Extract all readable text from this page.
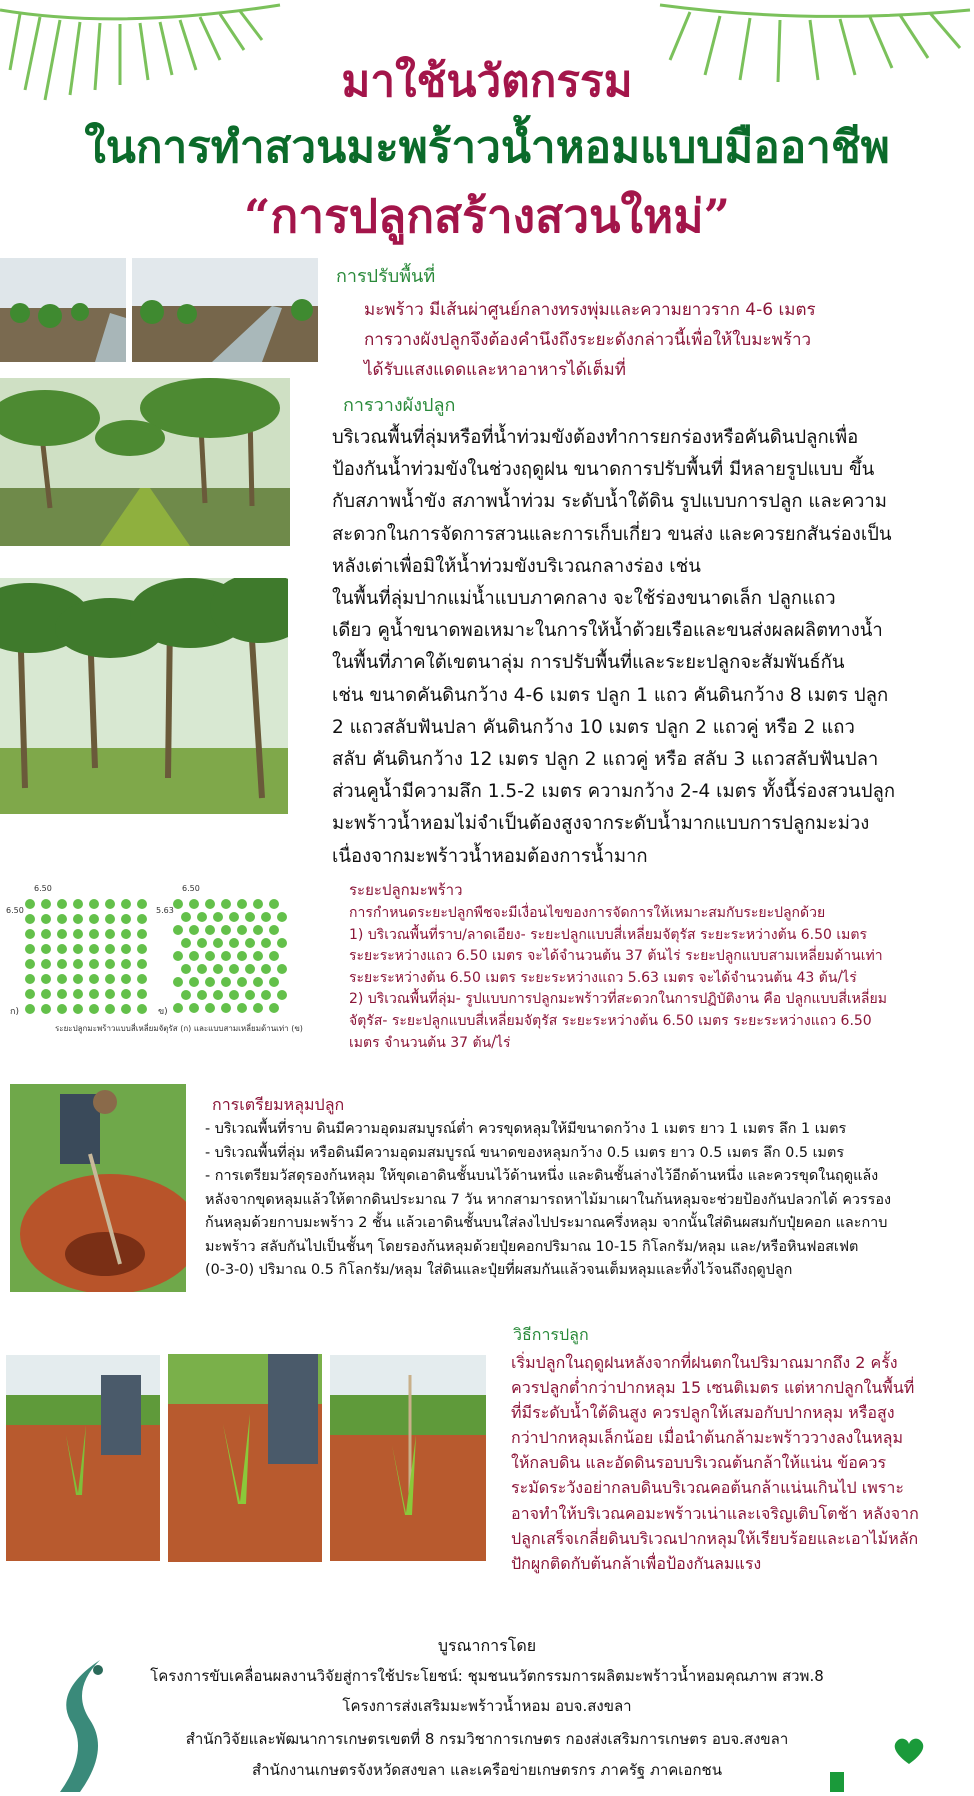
มาใช้นวัตกรรม
ในการทำสวนมะพร้าวน้ำหอมแบบมืออาชีพ
“การปลูกสร้างสวนใหม่”
การปรับพื้นที่
มะพร้าว มีเส้นผ่าศูนย์กลางทรงพุ่มและความยาวราก 4-6 เมตร
การวางผังปลูกจึงต้องคำนึงถึงระยะดังกล่าวนี้เพื่อให้ใบมะพร้าว
ได้รับแสงแดดและหาอาหารได้เต็มที่
การวางผังปลูก
บริเวณพื้นที่ลุ่มหรือที่น้ำท่วมขังต้องทำการยกร่องหรือคันดินปลูกเพื่อ
ป้องกันน้ำท่วมขังในช่วงฤดูฝน ขนาดการปรับพื้นที่ มีหลายรูปแบบ ขึ้น
กับสภาพน้ำขัง สภาพน้ำท่วม ระดับน้ำใต้ดิน รูปแบบการปลูก และความ
สะดวกในการจัดการสวนและการเก็บเกี่ยว ขนส่ง และควรยกสันร่องเป็น
หลังเต่าเพื่อมิให้น้ำท่วมขังบริเวณกลางร่อง เช่น
ในพื้นที่ลุ่มปากแม่น้ำแบบภาคกลาง จะใช้ร่องขนาดเล็ก ปลูกแถว
เดียว คูน้ำขนาดพอเหมาะในการให้น้ำด้วยเรือและขนส่งผลผลิตทางน้ำ
ในพื้นที่ภาคใต้เขตนาลุ่ม การปรับพื้นที่และระยะปลูกจะสัมพันธ์กัน
เช่น ขนาดคันดินกว้าง 4-6 เมตร ปลูก 1 แถว คันดินกว้าง 8 เมตร ปลูก
2 แถวสลับฟันปลา คันดินกว้าง 10 เมตร ปลูก 2 แถวคู่ หรือ 2 แถว
สลับ คันดินกว้าง 12 เมตร ปลูก 2 แถวคู่ หรือ สลับ 3 แถวสลับฟันปลา
ส่วนคูน้ำมีความลึก 1.5-2 เมตร ความกว้าง 2-4 เมตร ทั้งนี้ร่องสวนปลูก
มะพร้าวน้ำหอมไม่จำเป็นต้องสูงจากระดับน้ำมากแบบการปลูกมะม่วง
เนื่องจากมะพร้าวน้ำหอมต้องการน้ำมาก
6.50	6.50
6.50	5.63
ก)	ข)
ระยะปลูกมะพร้าวแบบสี่เหลี่ยมจัตุรัส (ก) และแบบสามเหลี่ยมด้านเท่า (ข)
ระยะปลูกมะพร้าว
การกำหนดระยะปลูกพืชจะมีเงื่อนไขของการจัดการให้เหมาะสมกับระยะปลูกด้วย
1) บริเวณพื้นที่ราบ/ลาดเอียง- ระยะปลูกแบบสี่เหลี่ยมจัตุรัส ระยะระหว่างต้น 6.50 เมตร
ระยะระหว่างแถว 6.50 เมตร จะได้จำนวนต้น 37 ต้นไร่ ระยะปลูกแบบสามเหลี่ยมด้านเท่า
ระยะระหว่างต้น 6.50 เมตร ระยะระหว่างแถว 5.63 เมตร จะได้จำนวนต้น 43 ต้น/ไร่
2) บริเวณพื้นที่ลุ่ม- รูปแบบการปลูกมะพร้าวที่สะดวกในการปฏิบัติงาน คือ ปลูกแบบสี่เหลี่ยม
จัตุรัส- ระยะปลูกแบบสี่เหลี่ยมจัตุรัส ระยะระหว่างต้น 6.50 เมตร ระยะระหว่างแถว 6.50
เมตร จำนวนต้น 37 ต้น/ไร่
การเตรียมหลุมปลูก
- บริเวณพื้นที่ราบ ดินมีความอุดมสมบูรณ์ต่ำ ควรขุดหลุมให้มีขนาดกว้าง 1 เมตร ยาว 1 เมตร ลึก 1 เมตร
- บริเวณพื้นที่ลุ่ม หรือดินมีความอุดมสมบูรณ์ ขนาดของหลุมกว้าง 0.5 เมตร ยาว 0.5 เมตร ลึก 0.5 เมตร
- การเตรียมวัสดุรองก้นหลุม ให้ขุดเอาดินชั้นบนไว้ด้านหนึ่ง และดินชั้นล่างไว้อีกด้านหนึ่ง และควรขุดในฤดูแล้ง
หลังจากขุดหลุมแล้วให้ตากดินประมาณ 7 วัน หากสามารถหาไม้มาเผาในก้นหลุมจะช่วยป้องกันปลวกได้ ควรรอง
ก้นหลุมด้วยกาบมะพร้าว 2 ชั้น แล้วเอาดินชั้นบนใส่ลงไปประมาณครึ่งหลุม จากนั้นใส่ดินผสมกับปุ๋ยคอก และกาบ
มะพร้าว สลับกันไปเป็นชั้นๆ โดยรองก้นหลุมด้วยปุ๋ยคอกปริมาณ 10-15 กิโลกรัม/หลุม และ/หรือหินฟอสเฟต
(0-3-0) ปริมาณ 0.5 กิโลกรัม/หลุม ใส่ดินและปุ๋ยที่ผสมกันแล้วจนเต็มหลุมและทิ้งไว้จนถึงฤดูปลูก
วิธีการปลูก
เริ่มปลูกในฤดูฝนหลังจากที่ฝนตกในปริมาณมากถึง 2 ครั้ง
ควรปลูกต่ำกว่าปากหลุม 15 เซนติเมตร แต่หากปลูกในพื้นที่
ที่มีระดับน้ำใต้ดินสูง ควรปลูกให้เสมอกับปากหลุม หรือสูง
กว่าปากหลุมเล็กน้อย เมื่อนำต้นกล้ามะพร้าววางลงในหลุม
ให้กลบดิน และอัดดินรอบบริเวณต้นกล้าให้แน่น ข้อควร
ระมัดระวังอย่ากลบดินบริเวณคอต้นกล้าแน่นเกินไป เพราะ
อาจทำให้บริเวณคอมะพร้าวเน่าและเจริญเติบโตช้า หลังจาก
ปลูกเสร็จเกลี่ยดินบริเวณปากหลุมให้เรียบร้อยและเอาไม้หลัก
ปักผูกติดกับต้นกล้าเพื่อป้องกันลมแรง
บูรณาการโดย
โครงการขับเคลื่อนผลงานวิจัยสู่การใช้ประโยชน์: ชุมชนนวัตกรรมการผลิตมะพร้าวน้ำหอมคุณภาพ สวพ.8
โครงการส่งเสริมมะพร้าวน้ำหอม อบจ.สงขลา
สำนักวิจัยและพัฒนาการเกษตรเขตที่ 8 กรมวิชาการเกษตร กองส่งเสริมการเกษตร อบจ.สงขลา
สำนักงานเกษตรจังหวัดสงขลา และเครือข่ายเกษตรกร ภาครัฐ ภาคเอกชน
